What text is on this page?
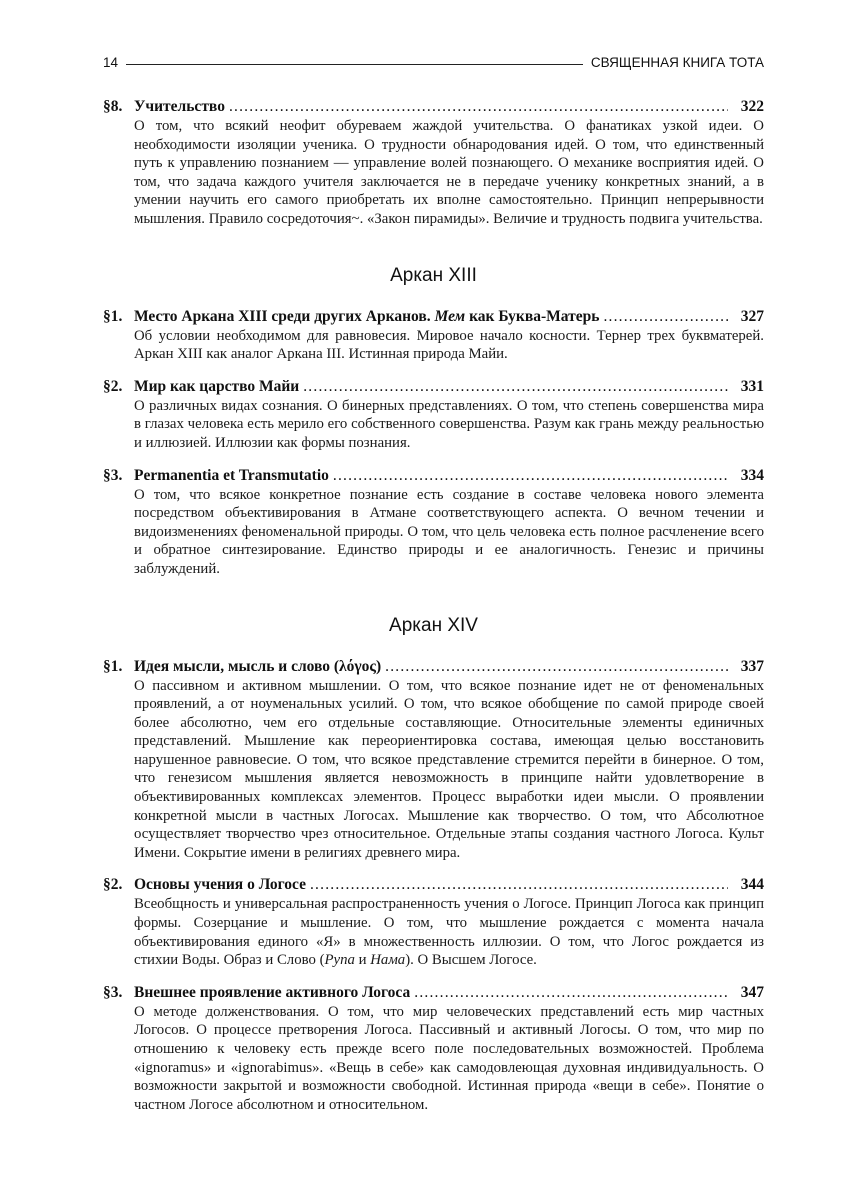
14	СВЯЩЕННАЯ КНИГА ТОТА
§8. Учительство .....	322

О том, что всякий неофит обуреваем жаждой учительства. О фанатиках узкой идеи. О необходимости изоляции ученика. О трудности обнародования идей. О том, что единственный путь к управлению познанием — управление волей познающего. О механике восприятия идей. О том, что задача каждого учителя заключается не в передаче ученику конкретных знаний, а в умении научить его самого приобретать их вполне самостоятельно. Принцип непрерывности мышления. Правило сосредоточия~. «Закон пирамиды». Величие и трудность подвига учительства.

Аркан XIII
§1. Место Аркана XIII среди других Арканов. Мем как Буква-Матерь .....	327

Об условии необходимом для равновесия. Мировое начало косности. Тернер трех буквматерей. Аркан XIII как аналог Аркана III. Истинная природа Майи.

§2. Мир как царство Майи .....	331

О различных видах сознания. О бинерных представлениях. О том, что степень совершенства мира в глазах человека есть мерило его собственного совершенства. Разум как грань между реальностью и иллюзией. Иллюзии как формы познания.

§3. Permanentia et Transmutatio .....	334

О том, что всякое конкретное познание есть создание в составе человека нового элемента посредством объективирования в Атмане соответствующего аспекта. О вечном течении и видоизменениях феноменальной природы. О том, что цель человека есть полное расчленение всего и обратное синтезирование. Единство природы и ее аналогичность. Генезис и причины заблуждений.

Аркан XIV
§1. Идея мысли, мысль и слово (λόγος) .....	337

О пассивном и активном мышлении. О том, что всякое познание идет не от феноменальных проявлений, а от ноуменальных усилий. О том, что всякое обобщение по самой природе своей более абсолютно, чем его отдельные составляющие. Относительные элементы единичных представлений. Мышление как переориентировка состава, имеющая целью восстановить нарушенное равновесие. О том, что всякое представление стремится перейти в бинерное. О том, что генезисом мышления является невозможность в принципе найти удовлетворение в объективированных комплексах элементов. Процесс выработки идеи мысли. О проявлении конкретной мысли в частных Логосах. Мышление как творчество. О том, что Абсолютное осуществляет творчество чрез относительное. Отдельные этапы создания частного Логоса. Культ Имени. Сокрытие имени в религиях древнего мира.

§2. Основы учения о Логосе .....	344

Всеобщность и универсальная распространенность учения о Логосе. Принцип Логоса как принцип формы. Созерцание и мышление. О том, что мышление рождается с момента начала объективирования единого «Я» в множественность иллюзии. О том, что Логос рождается из стихии Воды. Образ и Слово (Рупа и Нама). О Высшем Логосе.

§3. Внешнее проявление активного Логоса .....	347

О методе долженствования. О том, что мир человеческих представлений есть мир частных Логосов. О процессе претворения Логоса. Пассивный и активный Логосы. О том, что мир по отношению к человеку есть прежде всего поле последовательных возможностей. Проблема «ignoramus» и «ignorabimus». «Вещь в себе» как самодовлеющая духовная индивидуальность. О возможности закрытой и возможности свободной. Истинная природа «вещи в себе». Понятие о частном Логосе абсолютном и относительном.
